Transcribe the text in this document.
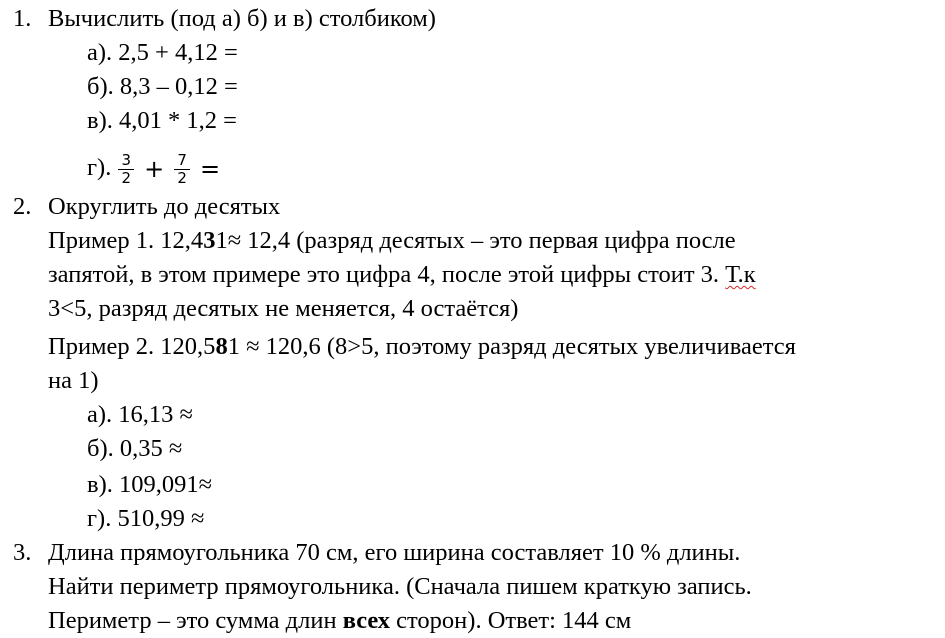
1. Вычислить (под а) б) и в) столбиком)
а). 2,5 + 4,12 =
б). 8,3 – 0,12 =
в). 4,01 * 1,2 =
г). $\frac{3}{2} + \frac{7}{2}$ =
2. Округлить до десятых
Пример 1. 12,431≈ 12,4 (разряд десятых – это первая цифра после
запятой, в этом примере это цифра 4, после этой цифры стоит 3. Т.к
3<5, разряд десятых не меняется, 4 остаётся)
Пример 2. 120,581 ≈ 120,6 (8>5, поэтому разряд десятых увеличивается
на 1)
а). 16,13 ≈
б). 0,35 ≈
в). 109,091≈
г). 510,99 ≈
3. Длина прямоугольника 70 см, его ширина составляет 10 % длины.
Найти периметр прямоугольника. (Сначала пишем краткую запись.
Периметр – это сумма длин всех сторон). Ответ: 144 см
